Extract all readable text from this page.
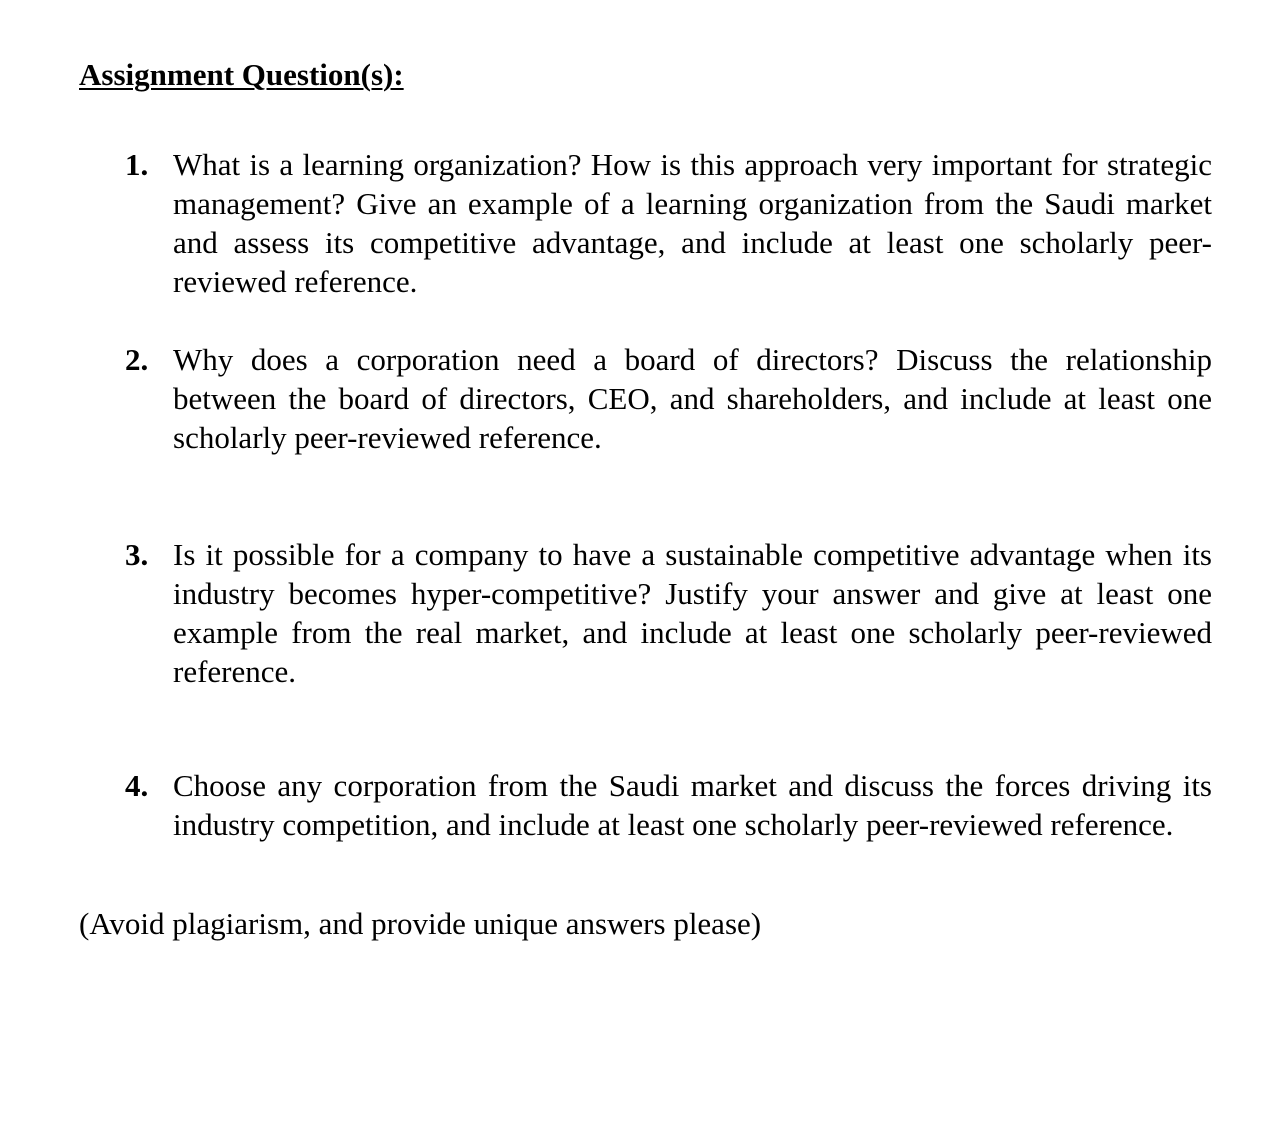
Assignment Question(s):
1. What is a learning organization? How is this approach very important for strategic management? Give an example of a learning organization from the Saudi market and assess its competitive advantage, and include at least one scholarly peer-reviewed reference.
2. Why does a corporation need a board of directors? Discuss the relationship between the board of directors, CEO, and shareholders, and include at least one scholarly peer-reviewed reference.
3. Is it possible for a company to have a sustainable competitive advantage when its industry becomes hyper-competitive? Justify your answer and give at least one example from the real market, and include at least one scholarly peer-reviewed reference.
4. Choose any corporation from the Saudi market and discuss the forces driving its industry competition, and include at least one scholarly peer-reviewed reference.
(Avoid plagiarism, and provide unique answers please)
